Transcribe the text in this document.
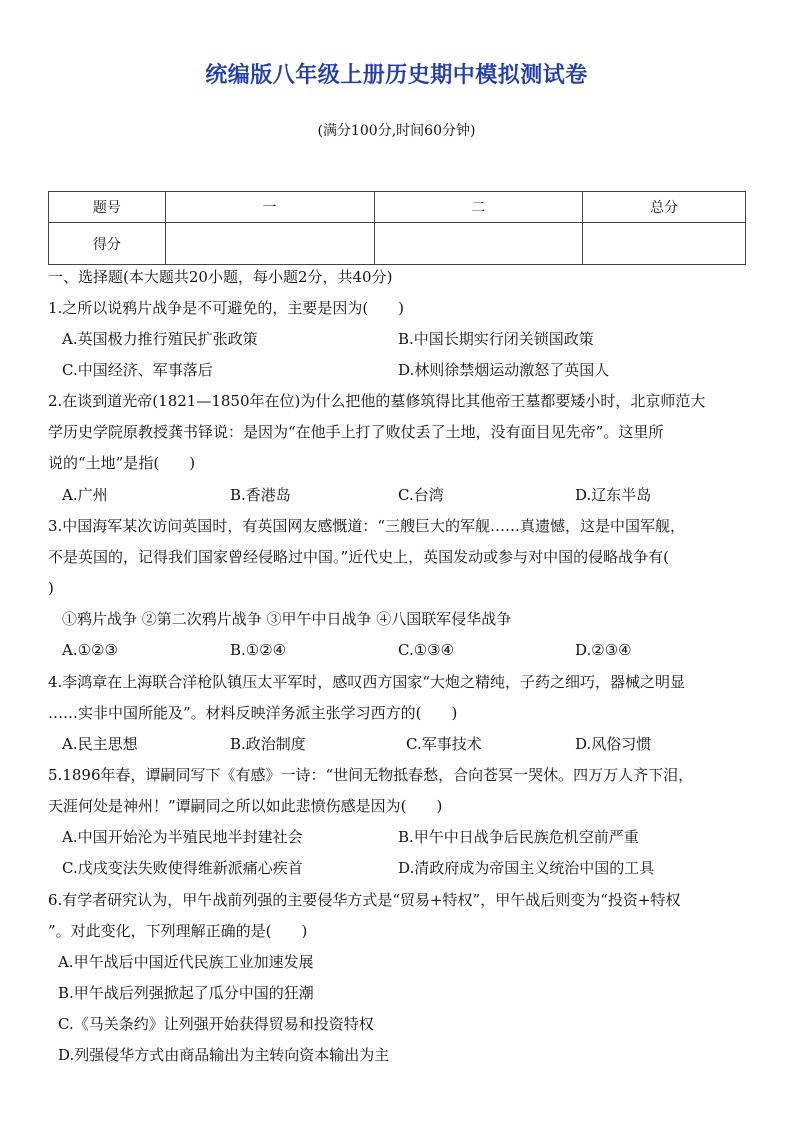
统编版八年级上册历史期中模拟测试卷
(满分100分,时间60分钟)
题号	一	二	总分
得分			
一、选择题(本大题共20小题，每小题2分，共40分)
1.之所以说鸦片战争是不可避免的，主要是因为(　　)
A.英国极力推行殖民扩张政策	B.中国长期实行闭关锁国政策
C.中国经济、军事落后	D.林则徐禁烟运动激怒了英国人
2.在谈到道光帝(1821—1850年在位)为什么把他的墓修筑得比其他帝王墓都要矮小时，北京师范大
学历史学院原教授龚书铎说：是因为“在他手上打了败仗丢了土地，没有面目见先帝”。这里所
说的“土地”是指(　　)
A.广州	B.香港岛	C.台湾	D.辽东半岛
3.中国海军某次访问英国时，有英国网友感慨道：“三艘巨大的军舰……真遗憾，这是中国军舰，
不是英国的，记得我们国家曾经侵略过中国。”近代史上，英国发动或参与对中国的侵略战争有(
)
①鸦片战争 ②第二次鸦片战争 ③甲午中日战争 ④八国联军侵华战争
A.①②③	B.①②④	C.①③④	D.②③④
4.李鸿章在上海联合洋枪队镇压太平军时，感叹西方国家“大炮之精纯，子药之细巧，器械之明显
……实非中国所能及”。材料反映洋务派主张学习西方的(　　)
A.民主思想	B.政治制度	C.军事技术	D.风俗习惯
5.1896年春，谭嗣同写下《有感》一诗：“世间无物抵春愁，合向苍冥一哭休。四万万人齐下泪，
天涯何处是神州！”谭嗣同之所以如此悲愤伤感是因为(　　)
A.中国开始沦为半殖民地半封建社会	B.甲午中日战争后民族危机空前严重
C.戊戌变法失败使得维新派痛心疾首	D.清政府成为帝国主义统治中国的工具
6.有学者研究认为，甲午战前列强的主要侵华方式是“贸易+特权”，甲午战后则变为“投资+特权
”。对此变化，下列理解正确的是(　　)
A.甲午战后中国近代民族工业加速发展
B.甲午战后列强掀起了瓜分中国的狂潮
C.《马关条约》让列强开始获得贸易和投资特权
D.列强侵华方式由商品输出为主转向资本输出为主
